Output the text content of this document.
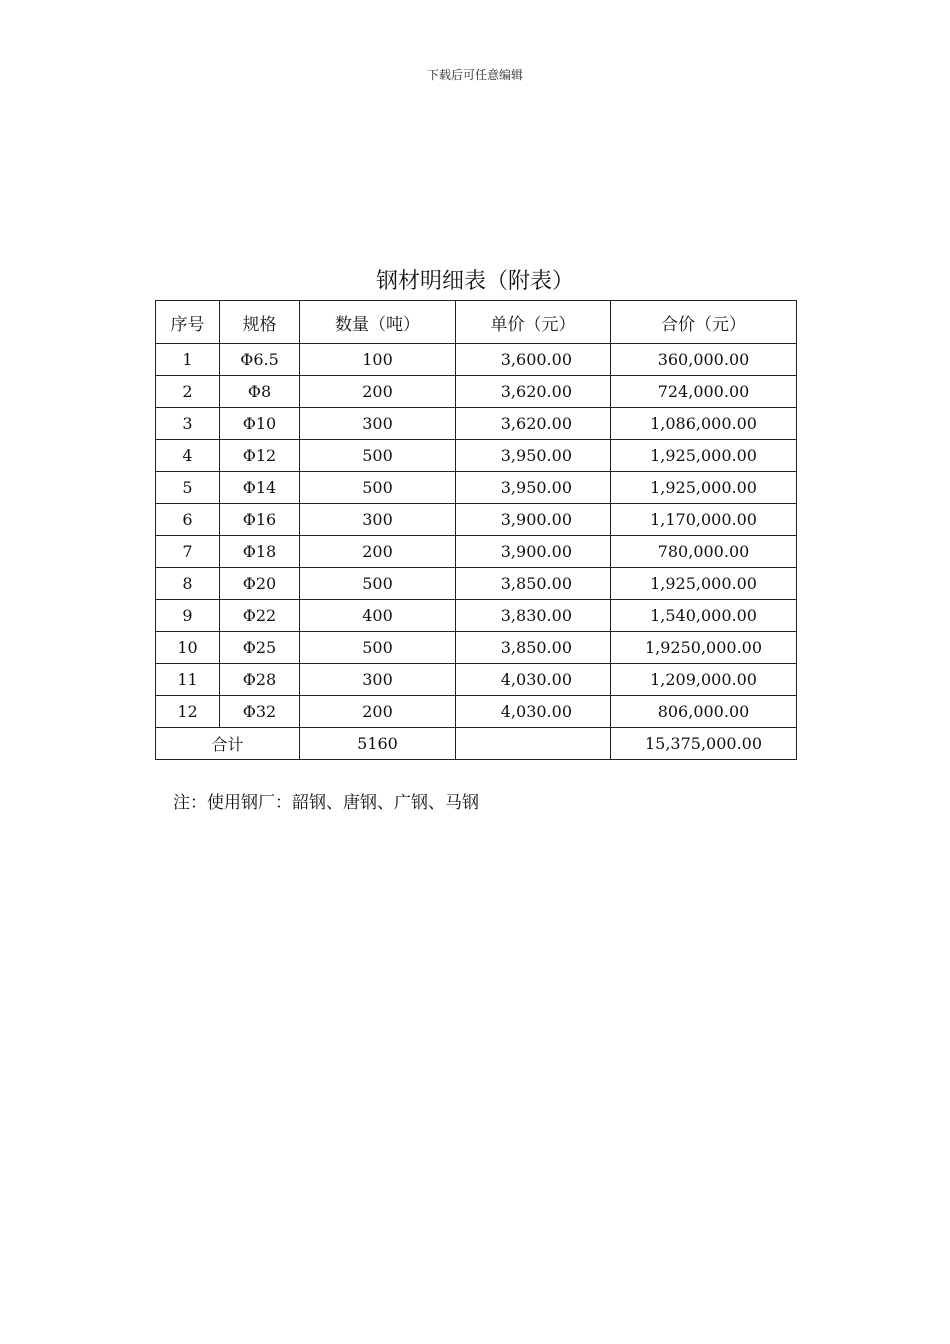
下载后可任意编辑
钢材明细表（附表）
序号	规格	数量（吨）	单价（元）	合价（元）
1	Φ6.5	100	3,600.00	360,000.00
2	Φ8	200	3,620.00	724,000.00
3	Φ10	300	3,620.00	1,086,000.00
4	Φ12	500	3,950.00	1,925,000.00
5	Φ14	500	3,950.00	1,925,000.00
6	Φ16	300	3,900.00	1,170,000.00
7	Φ18	200	3,900.00	780,000.00
8	Φ20	500	3,850.00	1,925,000.00
9	Φ22	400	3,830.00	1,540,000.00
10	Φ25	500	3,850.00	1,9250,000.00
11	Φ28	300	4,030.00	1,209,000.00
12	Φ32	200	4,030.00	806,000.00
合计		5160		15,375,000.00
注：使用钢厂：韶钢、唐钢、广钢、马钢
